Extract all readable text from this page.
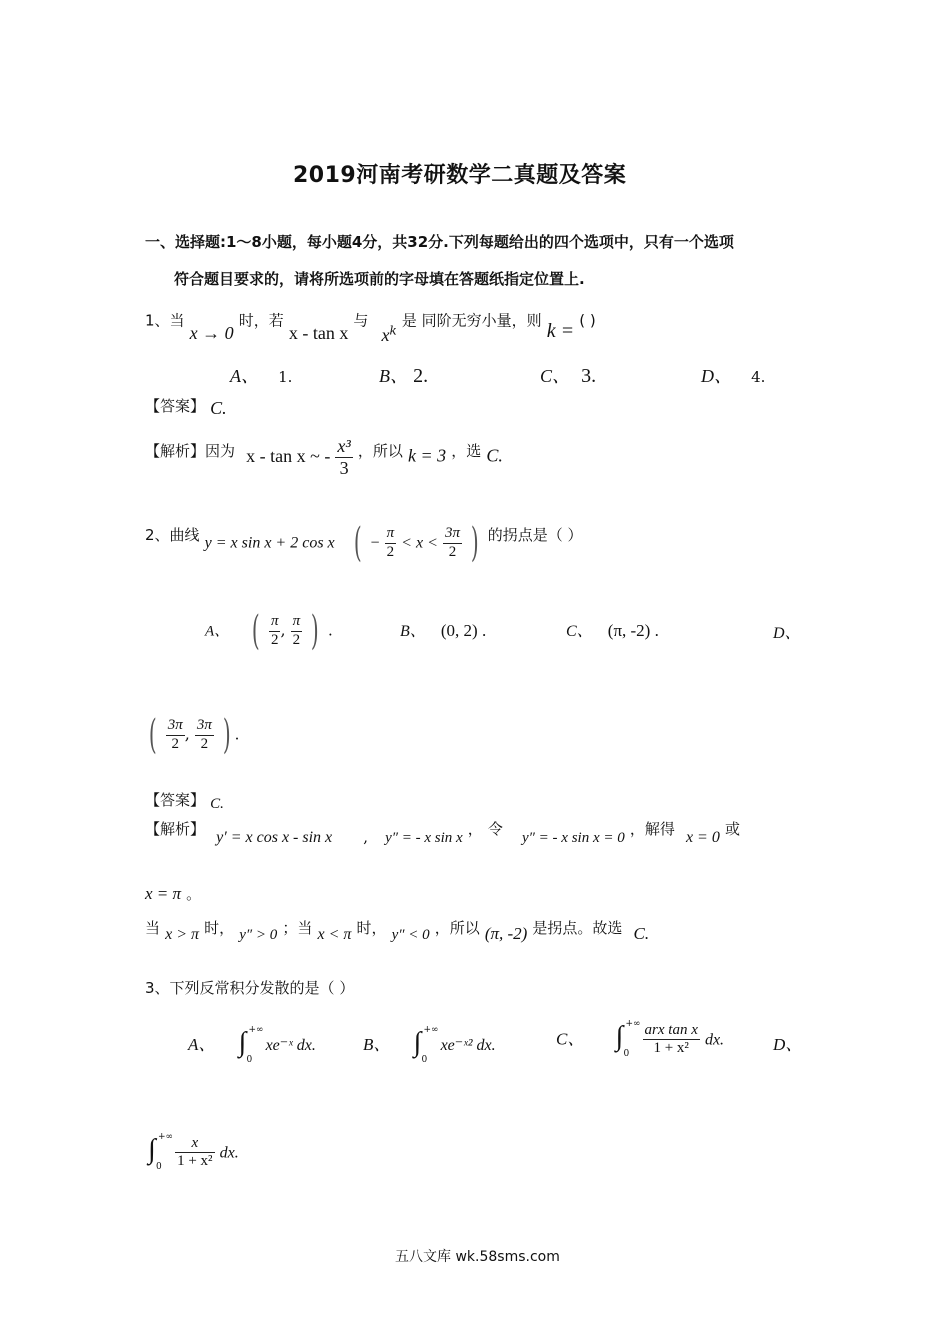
2019河南考研数学二真题及答案
一、选择题:1～8小题，每小题4分，共32分.下列每题给出的四个选项中，只有一个选项
符合题目要求的，请将所选项前的字母填在答题纸指定位置上.
1、当 x → 0 时，若 x - tan x 与 $x^k$ 是 同阶无穷小量，则 k = ( )
A、 1.	B、 2.	C、 3.	D、 4.
【答案】 C.
【解析】因为 x - tan x ~ - $\frac{\text{x³}}{3}$ ，所以 k = 3 ，选 C.
2、曲线 y = x sin x + 2 cos x ( − $\frac{\pi}{2} < x < \frac{3\pi}{2}$ ) 的拐点是（ ）
A、 ( $\frac{\pi}{2}$ , $\frac{\pi}{2}$ ) .	B、 (0, 2) .	C、 (π, -2) .	D、
( $\frac{3\pi}{2}$ , $\frac{3\pi}{2}$ ) .
【答案】 C.
【解析】 y′ = x cos x - sin x , y″ = - x sin x ， 令 y″ = - x sin x = 0 ，解得 x = 0 或
x = π 。
当 x > π 时， y″ > 0 ；当 x < π 时， y″ < 0 ，所以 (π, -2) 是拐点。故选 C.
3、下列反常积分发散的是（ ）
A、 ∫ +∞
0
xe⁻ˣ dx.	B、 ∫ +∞
0
xe⁻ˣ² dx.	C、 ∫ +∞
0
$\frac{\text{arx tan x}}{\text{1 + x²}}$ dx.	D、
∫ +∞
0
$\frac{x}{\text{1 + x²}}$ dx.
五八文库 wk.58sms.com
